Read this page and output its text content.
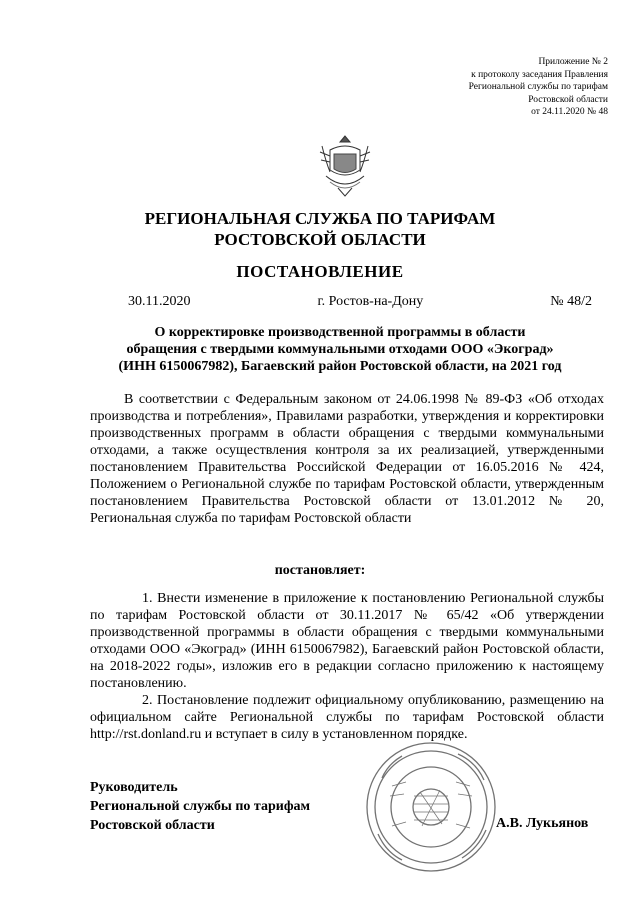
Приложение № 2
к протоколу заседания Правления
Региональной службы по тарифам
Ростовской области
от 24.11.2020 № 48
РЕГИОНАЛЬНАЯ СЛУЖБА ПО ТАРИФАМ
РОСТОВСКОЙ ОБЛАСТИ
ПОСТАНОВЛЕНИЕ
30.11.2020	г. Ростов-на-Дону	№ 48/2
О корректировке производственной программы в области
обращения с твердыми коммунальными отходами ООО «Экоград»
(ИНН 6150067982), Багаевский район Ростовской области, на 2021 год

В соответствии с Федеральным законом от 24.06.1998 № 89-ФЗ «Об отходах производства и потребления», Правилами разработки, утверждения и корректировки производственных программ в области обращения с твердыми коммунальными отходами, а также осуществления контроля за их реализацией, утвержденными постановлением Правительства Российской Федерации от 16.05.2016 № 424, Положением о Региональной службе по тарифам Ростовской области, утвержденным постановлением Правительства Ростовской области от 13.01.2012 № 20, Региональная служба по тарифам Ростовской области

постановляет:

1. Внести изменение в приложение к постановлению Региональной службы по тарифам Ростовской области от 30.11.2017 № 65/42 «Об утверждении производственной программы в области обращения с твердыми коммунальными отходами ООО «Экоград» (ИНН 6150067982), Багаевский район Ростовской области, на 2018-2022 годы», изложив его в редакции согласно приложению к настоящему постановлению.

2. Постановление подлежит официальному опубликованию, размещению на официальном сайте Региональной службы по тарифам Ростовской области http://rst.donland.ru и вступает в силу в установленном порядке.

Руководитель
Региональной службы по тарифам
Ростовской области	А.В. Лукьянов
